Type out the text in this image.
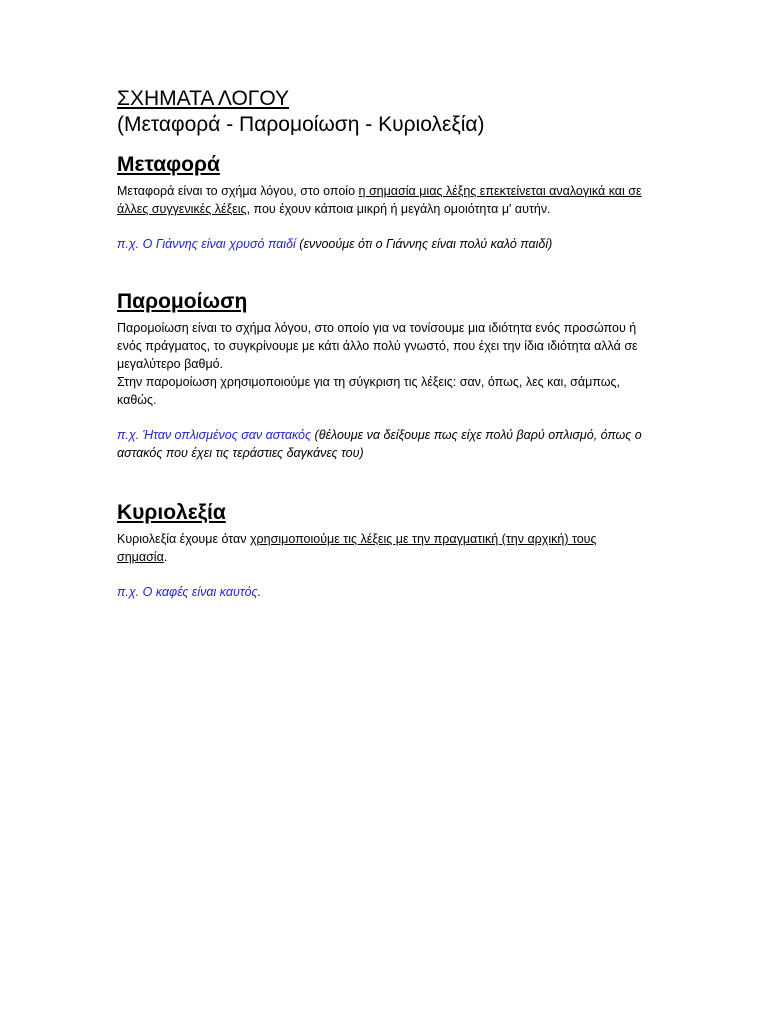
ΣΧΗΜΑΤΑ ΛΟΓΟΥ

(Μεταφορά - Παρομοίωση - Κυριολεξία)

Μεταφορά

Μεταφορά είναι το σχήμα λόγου, στο οποίο η σημασία μιας λέξης επεκτείνεται αναλογικά και σε άλλες συγγενικές λέξεις, που έχουν κάποια μικρή ή μεγάλη ομοιότητα μ' αυτήν.

π.χ. Ο Γιάννης είναι χρυσό παιδί (εννοούμε ότι ο Γιάννης είναι πολύ καλό παιδί)

Παρομοίωση

Παρομοίωση είναι το σχήμα λόγου, στο οποίο για να τονίσουμε μια ιδιότητα ενός προσώπου ή ενός πράγματος, το συγκρίνουμε με κάτι άλλο πολύ γνωστό, που έχει την ίδια ιδιότητα αλλά σε μεγαλύτερο βαθμό.

Στην παρομοίωση χρησιμοποιούμε για τη σύγκριση τις λέξεις: σαν, όπως, λες και, σάμπως, καθώς.

π.χ. Ήταν οπλισμένος σαν αστακός (θέλουμε να δείξουμε πως είχε πολύ βαρύ οπλισμό, όπως ο αστακός που έχει τις τεράστιες δαγκάνες του)

Κυριολεξία

Κυριολεξία έχουμε όταν χρησιμοποιούμε τις λέξεις με την πραγματική (την αρχική) τους σημασία.

π.χ. Ο καφές είναι καυτός.
